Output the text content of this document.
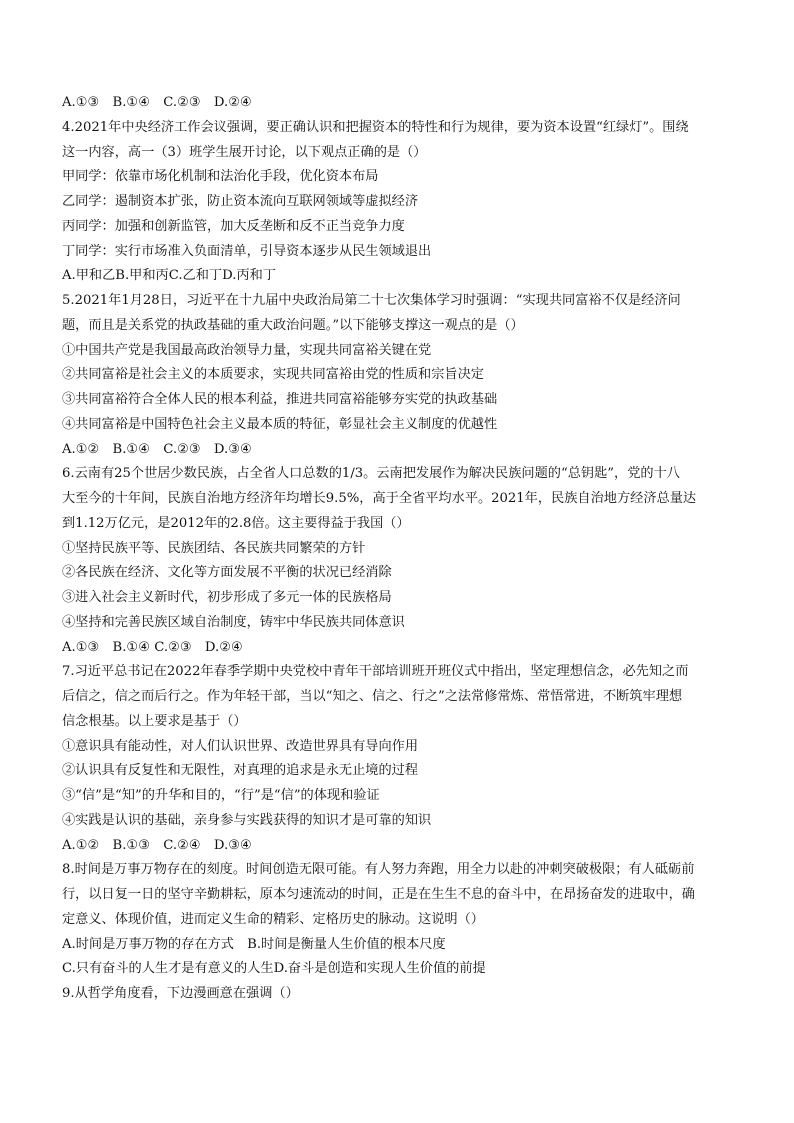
A.①③　B.①④　C.②③　D.②④
4.2021年中央经济工作会议强调，要正确认识和把握资本的特性和行为规律，要为资本设置“红绿灯”。围绕
这一内容，高一（3）班学生展开讨论，以下观点正确的是（）
甲同学：依靠市场化机制和法治化手段，优化资本布局
乙同学：遏制资本扩张，防止资本流向互联网领域等虚拟经济
丙同学：加强和创新监管，加大反垄断和反不正当竞争力度
丁同学：实行市场准入负面清单，引导资本逐步从民生领域退出
A.甲和乙B.甲和丙C.乙和丁D.丙和丁
5.2021年1月28日，习近平在十九届中央政治局第二十七次集体学习时强调：“实现共同富裕不仅是经济问
题，而且是关系党的执政基础的重大政治问题。”以下能够支撑这一观点的是（）
①中国共产党是我国最高政治领导力量，实现共同富裕关键在党
②共同富裕是社会主义的本质要求，实现共同富裕由党的性质和宗旨决定
③共同富裕符合全体人民的根本利益，推进共同富裕能够夯实党的执政基础
④共同富裕是中国特色社会主义最本质的特征，彰显社会主义制度的优越性
A.①②　B.①④　C.②③　D.③④
6.云南有25个世居少数民族，占全省人口总数的1/3。云南把发展作为解决民族问题的“总钥匙”，党的十八
大至今的十年间，民族自治地方经济年均增长9.5%，高于全省平均水平。2021年，民族自治地方经济总量达
到1.12万亿元，是2012年的2.8倍。这主要得益于我国（）
①坚持民族平等、民族团结、各民族共同繁荣的方针
②各民族在经济、文化等方面发展不平衡的状况已经消除
③进入社会主义新时代，初步形成了多元一体的民族格局
④坚持和完善民族区域自治制度，铸牢中华民族共同体意识
A.①③　B.①④ C.②③　D.②④
7.习近平总书记在2022年春季学期中央党校中青年干部培训班开班仪式中指出，坚定理想信念，必先知之而
后信之，信之而后行之。作为年轻干部，当以“知之、信之、行之”之法常修常炼、常悟常进，不断筑牢理想
信念根基。以上要求是基于（）
①意识具有能动性，对人们认识世界、改造世界具有导向作用
②认识具有反复性和无限性，对真理的追求是永无止境的过程
③“信”是“知”的升华和目的，“行”是“信”的体现和验证
④实践是认识的基础，亲身参与实践获得的知识才是可靠的知识
A.①②　B.①③　C.②④　D.③④
8.时间是万事万物存在的刻度。时间创造无限可能。有人努力奔跑，用全力以赴的冲刺突破极限；有人砥砺前
行，以日复一日的坚守辛勤耕耘，原本匀速流动的时间，正是在生生不息的奋斗中，在昂扬奋发的进取中，确
定意义、体现价值，进而定义生命的精彩、定格历史的脉动。这说明（）
A.时间是万事万物的存在方式　B.时间是衡量人生价值的根本尺度
C.只有奋斗的人生才是有意义的人生D.奋斗是创造和实现人生价值的前提
9.从哲学角度看，下边漫画意在强调（）
